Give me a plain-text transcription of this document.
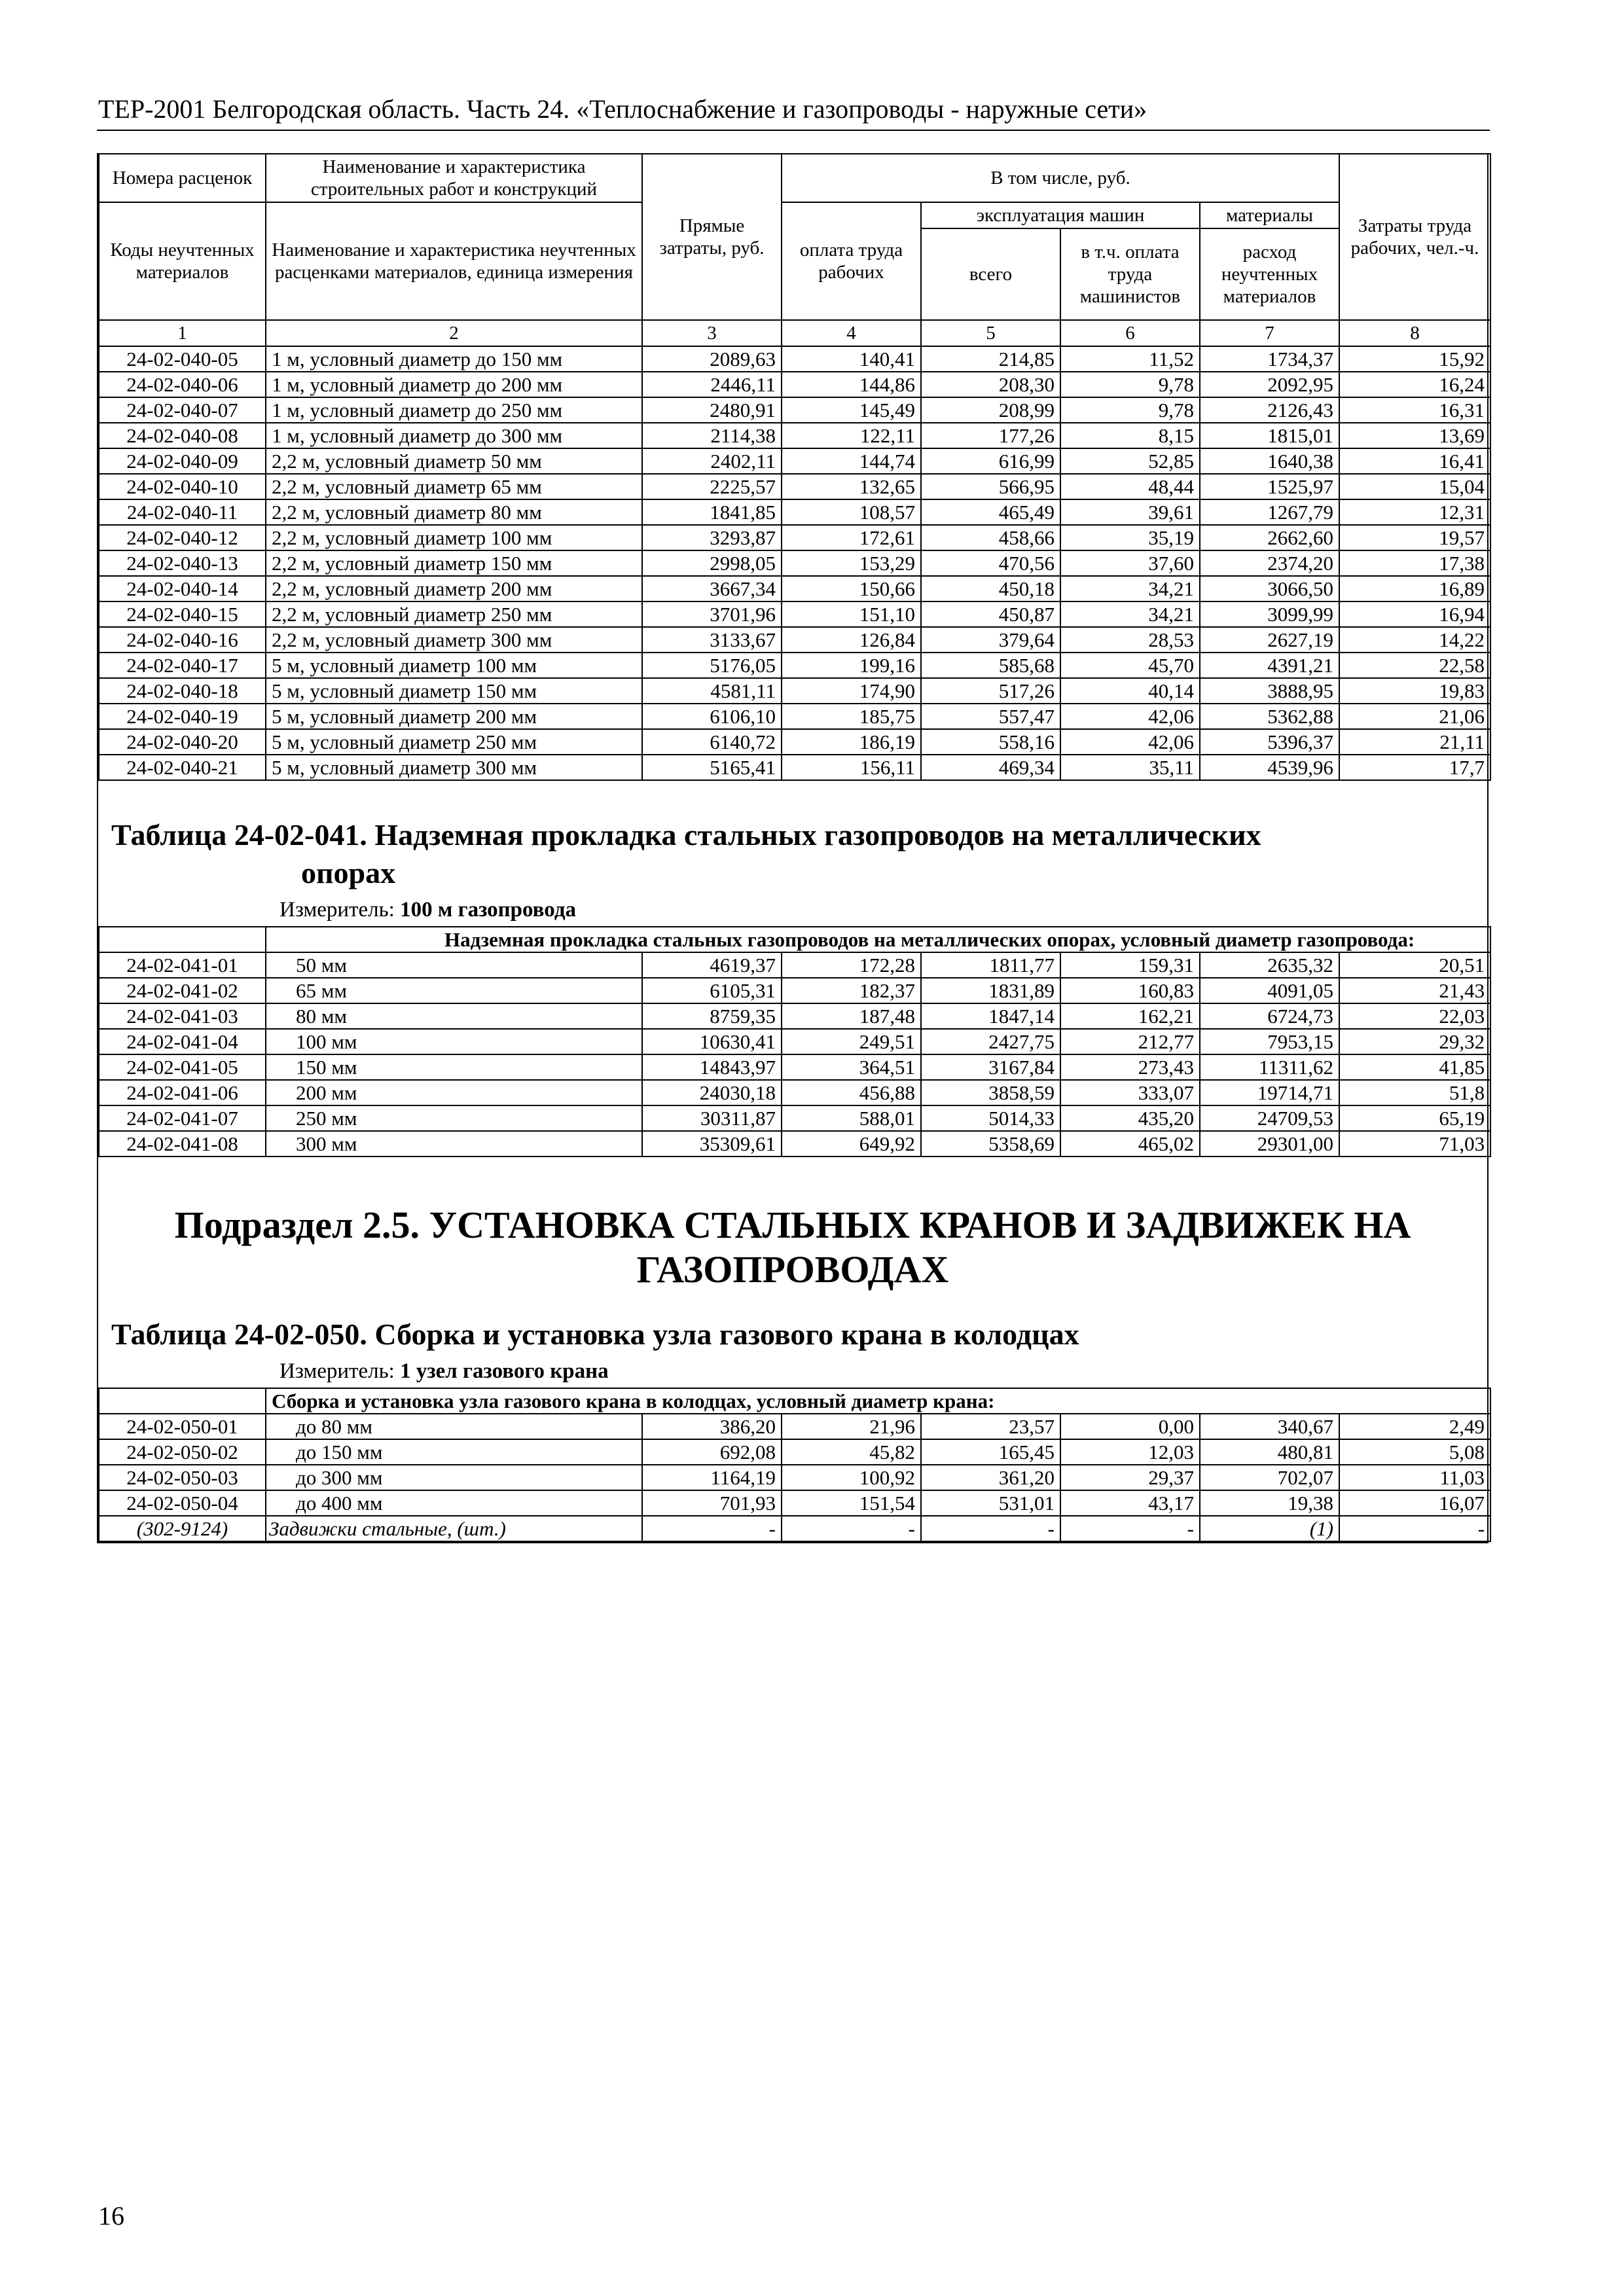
ТЕР-2001 Белгородская область. Часть 24. «Теплоснабжение и газопроводы - наружные сети»
Номера расценок	Наименование и характеристика строительных работ и конструкций	Прямые затраты, руб.	В том числе, руб.				Затраты труда рабочих, чел.-ч.
Коды неучтенных материалов	Наименование и характеристика неучтенных расценками материалов, единица измерения		оплата труда рабочих	эксплуатация машин		материалы	
				всего	в т.ч. оплата труда машинистов	расход неучтенных материалов	
1	2	3	4	5	6	7	8
24-02-040-05	1 м, условный диаметр до 150 мм	2089,63	140,41	214,85	11,52	1734,37	15,92
24-02-040-06	1 м, условный диаметр до 200 мм	2446,11	144,86	208,30	9,78	2092,95	16,24
24-02-040-07	1 м, условный диаметр до 250 мм	2480,91	145,49	208,99	9,78	2126,43	16,31
24-02-040-08	1 м, условный диаметр до 300 мм	2114,38	122,11	177,26	8,15	1815,01	13,69
24-02-040-09	2,2 м, условный диаметр 50 мм	2402,11	144,74	616,99	52,85	1640,38	16,41
24-02-040-10	2,2 м, условный диаметр 65 мм	2225,57	132,65	566,95	48,44	1525,97	15,04
24-02-040-11	2,2 м, условный диаметр 80 мм	1841,85	108,57	465,49	39,61	1267,79	12,31
24-02-040-12	2,2 м, условный диаметр 100 мм	3293,87	172,61	458,66	35,19	2662,60	19,57
24-02-040-13	2,2 м, условный диаметр 150 мм	2998,05	153,29	470,56	37,60	2374,20	17,38
24-02-040-14	2,2 м, условный диаметр 200 мм	3667,34	150,66	450,18	34,21	3066,50	16,89
24-02-040-15	2,2 м, условный диаметр 250 мм	3701,96	151,10	450,87	34,21	3099,99	16,94
24-02-040-16	2,2 м, условный диаметр 300 мм	3133,67	126,84	379,64	28,53	2627,19	14,22
24-02-040-17	5 м, условный диаметр 100 мм	5176,05	199,16	585,68	45,70	4391,21	22,58
24-02-040-18	5 м, условный диаметр 150 мм	4581,11	174,90	517,26	40,14	3888,95	19,83
24-02-040-19	5 м, условный диаметр 200 мм	6106,10	185,75	557,47	42,06	5362,88	21,06
24-02-040-20	5 м, условный диаметр 250 мм	6140,72	186,19	558,16	42,06	5396,37	21,11
24-02-040-21	5 м, условный диаметр 300 мм	5165,41	156,11	469,34	35,11	4539,96	17,7
Таблица 24-02-041. Надземная прокладка стальных газопроводов на металлических
опорах
Измеритель: 100 м газопровода
	Надземная прокладка стальных газопроводов на металлических опорах, условный диаметр газопровода:						
24-02-041-01	50 мм	4619,37	172,28	1811,77	159,31	2635,32	20,51
24-02-041-02	65 мм	6105,31	182,37	1831,89	160,83	4091,05	21,43
24-02-041-03	80 мм	8759,35	187,48	1847,14	162,21	6724,73	22,03
24-02-041-04	100 мм	10630,41	249,51	2427,75	212,77	7953,15	29,32
24-02-041-05	150 мм	14843,97	364,51	3167,84	273,43	11311,62	41,85
24-02-041-06	200 мм	24030,18	456,88	3858,59	333,07	19714,71	51,8
24-02-041-07	250 мм	30311,87	588,01	5014,33	435,20	24709,53	65,19
24-02-041-08	300 мм	35309,61	649,92	5358,69	465,02	29301,00	71,03
Подраздел 2.5. УСТАНОВКА СТАЛЬНЫХ КРАНОВ И ЗАДВИЖЕК НА
ГАЗОПРОВОДАХ
Таблица 24-02-050. Сборка и установка узла газового крана в колодцах
Измеритель: 1 узел газового крана
	Сборка и установка узла газового крана в колодцах, условный диаметр крана:						
24-02-050-01	до 80 мм	386,20	21,96	23,57	0,00	340,67	2,49
24-02-050-02	до 150 мм	692,08	45,82	165,45	12,03	480,81	5,08
24-02-050-03	до 300 мм	1164,19	100,92	361,20	29,37	702,07	11,03
24-02-050-04	до 400 мм	701,93	151,54	531,01	43,17	19,38	16,07
(302-9124)	Задвижки стальные, (шт.)	-	-	-	-	(1)	-
16
